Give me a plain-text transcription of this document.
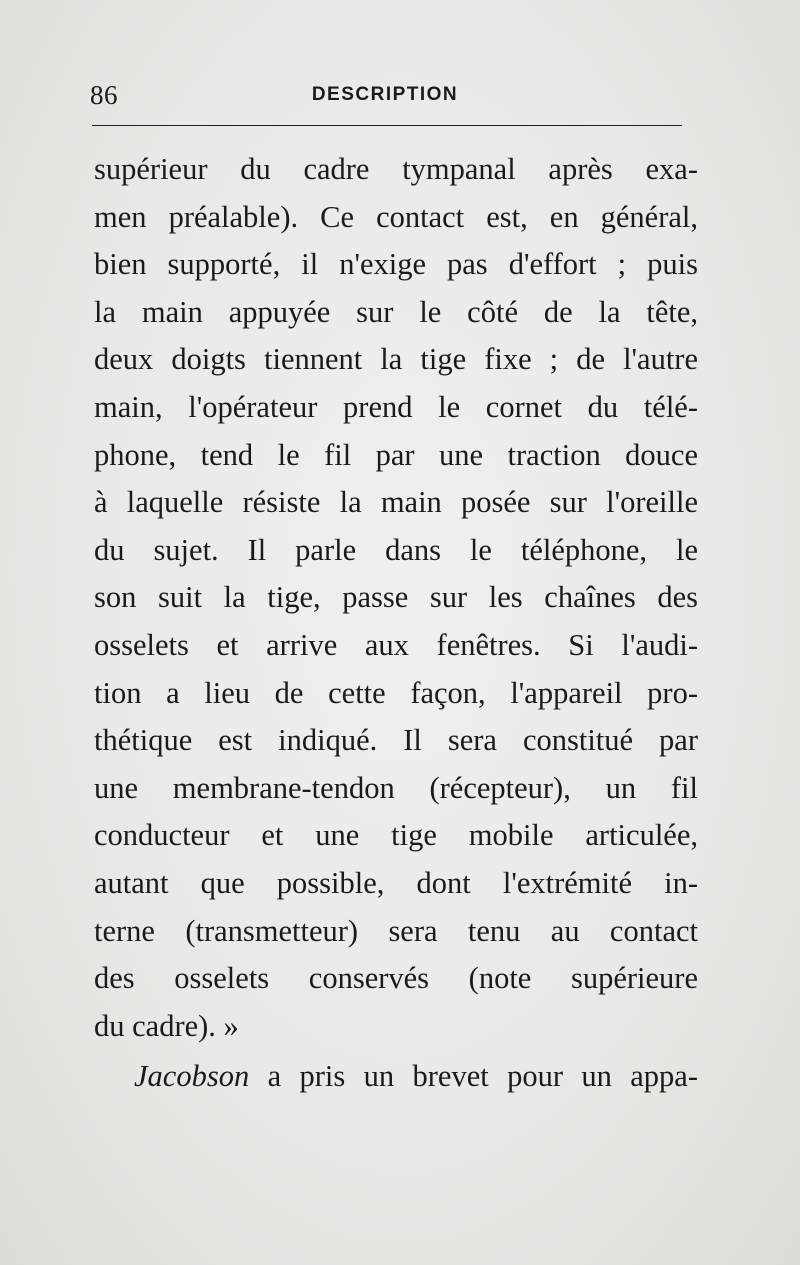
86	DESCRIPTION
supérieur du cadre tympanal après exa-
men préalable). Ce contact est, en général,
bien supporté, il n'exige pas d'effort ; puis
la main appuyée sur le côté de la tête,
deux doigts tiennent la tige fixe ; de l'autre
main, l'opérateur prend le cornet du télé-
phone, tend le fil par une traction douce
à laquelle résiste la main posée sur l'oreille
du sujet. Il parle dans le téléphone, le
son suit la tige, passe sur les chaînes des
osselets et arrive aux fenêtres. Si l'audi-
tion a lieu de cette façon, l'appareil pro-
thétique est indiqué. Il sera constitué par
une membrane-tendon (récepteur), un fil
conducteur et une tige mobile articulée,
autant que possible, dont l'extrémité in-
terne (transmetteur) sera tenu au contact
des osselets conservés (note supérieure
du cadre). »
Jacobson a pris un brevet pour un appa-
